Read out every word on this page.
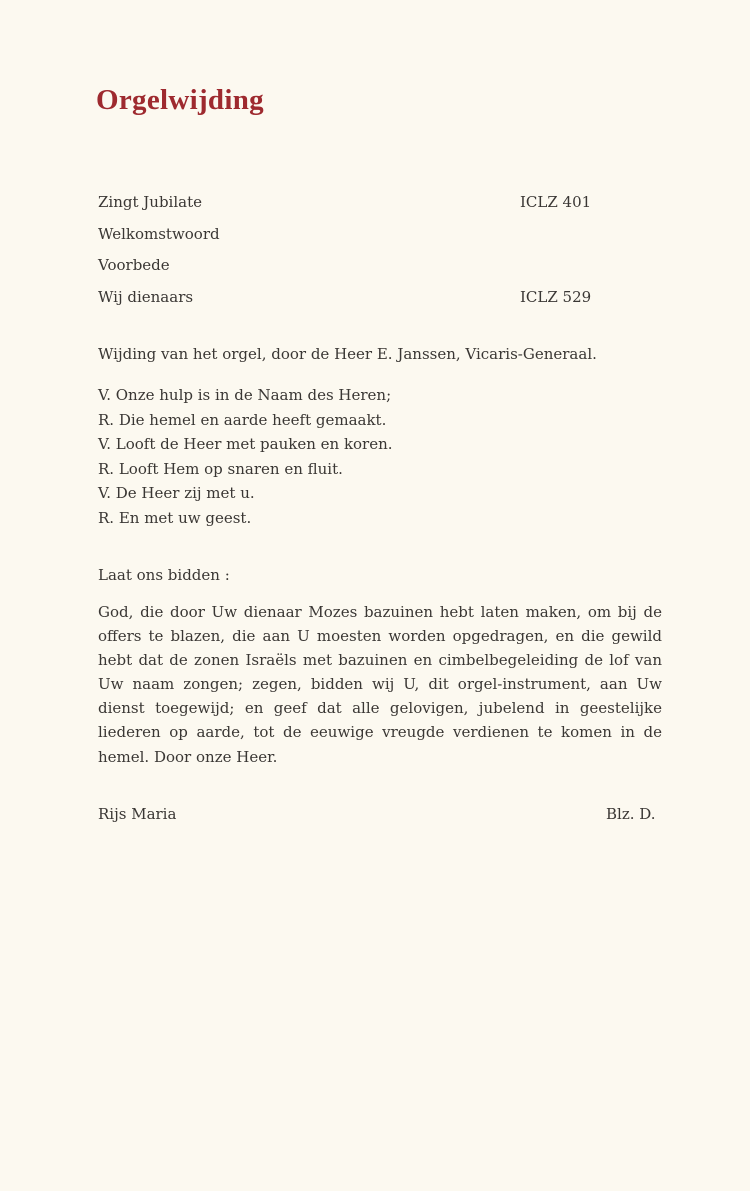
Orgelwijding
Zingt Jubilate	ICLZ 401
Welkomstwoord
Voorbede
Wij dienaars	ICLZ 529
Wijding van het orgel, door de Heer E. Janssen, Vicaris-Generaal.
V. Onze hulp is in de Naam des Heren;
R. Die hemel en aarde heeft gemaakt.
V. Looft de Heer met pauken en koren.
R. Looft Hem op snaren en fluit.
V. De Heer zij met u.
R. En met uw geest.
Laat ons bidden :

God, die door Uw dienaar Mozes bazuinen hebt laten maken, om bij de offers te blazen, die aan U moesten worden opgedragen, en die gewild hebt dat de zonen Israëls met bazuinen en cimbelbegeleiding de lof van Uw naam zongen; zegen, bidden wij U, dit orgel-instrument, aan Uw dienst toegewijd; en geef dat alle gelovigen, jubelend in geestelijke liederen op aarde, tot de eeuwige vreugde verdienen te komen in de hemel. Door onze Heer.

Rijs Maria	Blz. D.
